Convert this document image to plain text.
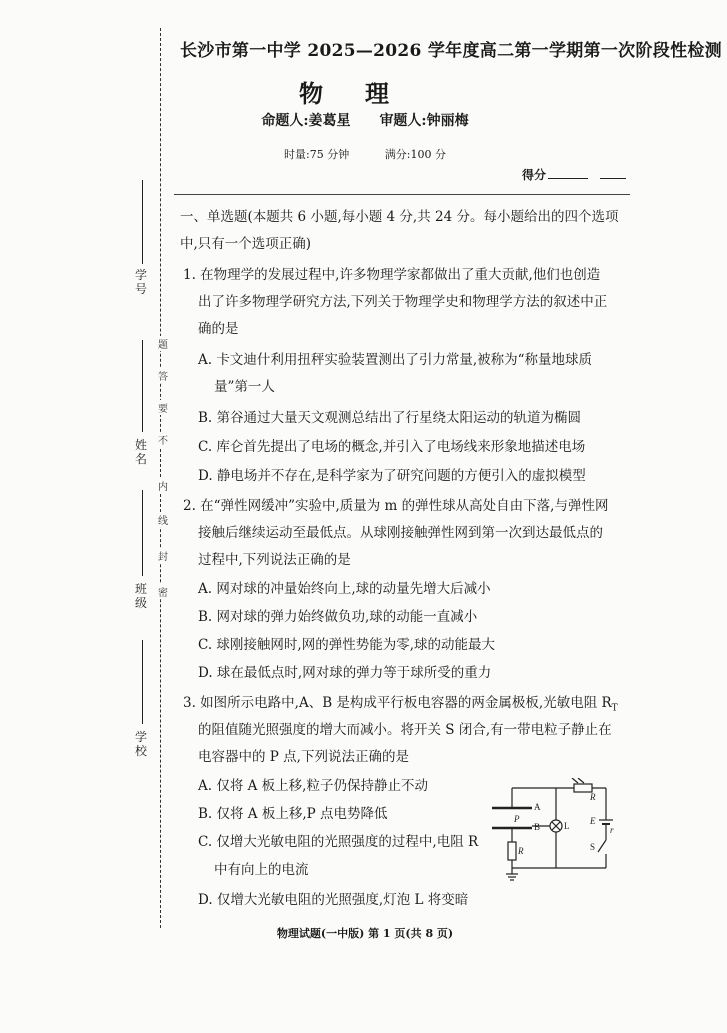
学 号
姓 名
班 级
学 校
题
答
要
不
内
线
封
密
长沙市第一中学 2025—2026 学年度高二第一学期第一次阶段性检测
物理
命题人:姜葛星 审题人:钟丽梅
时量:75 分钟	满分:100 分
得分
一、单选题(本题共 6 小题,每小题 4 分,共 24 分。每小题给出的四个选项
中,只有一个选项正确)
1. 在物理学的发展过程中,许多物理学家都做出了重大贡献,他们也创造
出了许多物理学研究方法,下列关于物理学史和物理学方法的叙述中正
确的是
A. 卡文迪什利用扭秤实验装置测出了引力常量,被称为“称量地球质
量”第一人
B. 第谷通过大量天文观测总结出了行星绕太阳运动的轨道为椭圆
C. 库仑首先提出了电场的概念,并引入了电场线来形象地描述电场
D. 静电场并不存在,是科学家为了研究问题的方便引入的虚拟模型
2. 在“弹性网缓冲”实验中,质量为 m 的弹性球从高处自由下落,与弹性网
接触后继续运动至最低点。从球刚接触弹性网到第一次到达最低点的
过程中,下列说法正确的是
A. 网对球的冲量始终向上,球的动量先增大后减小
B. 网对球的弹力始终做负功,球的动能一直减小
C. 球刚接触网时,网的弹性势能为零,球的动能最大
D. 球在最低点时,网对球的弹力等于球所受的重力
3. 如图所示电路中,A、B 是构成平行板电容器的两金属极板,光敏电阻 $R_T$
的阻值随光照强度的增大而减小。将开关 S 闭合,有一带电粒子静止在
电容器中的 P 点,下列说法正确的是
A. 仅将 A 板上移,粒子仍保持静止不动
B. 仅将 A 板上移,P 点电势降低
C. 仅增大光敏电阻的光照强度的过程中,电阻 R
中有向上的电流
D. 仅增大光敏电阻的光照强度,灯泡 L 将变暗
R
A
B
P
R
L E
r
S
物理试题(一中版) 第 1 页(共 8 页)
